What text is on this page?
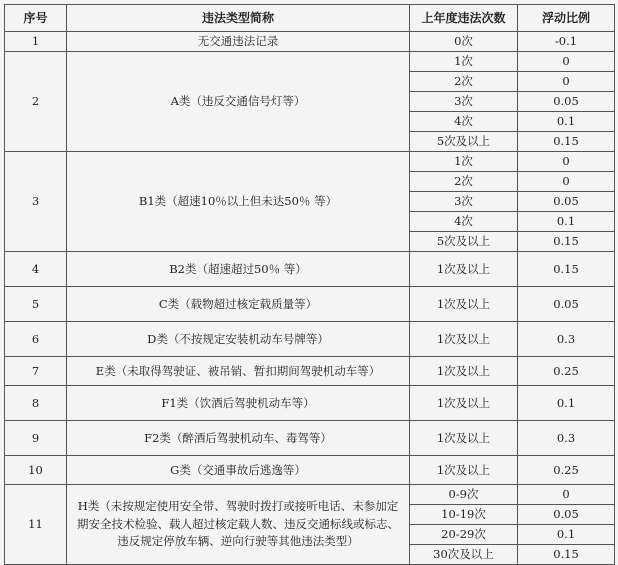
序号	违法类型简称	上年度违法次数	浮动比例
1	无交通违法记录	0次	-0.1
2	A类（违反交通信号灯等）	1次	0
		2次	0
		3次	0.05
		4次	0.1
		5次及以上	0.15
3	B1类（超速10％以上但未达50％ 等）	1次	0
		2次	0
		3次	0.05
		4次	0.1
		5次及以上	0.15
4	B2类（超速超过50％ 等）	1次及以上	0.15
5	C类（载物超过核定载质量等）	1次及以上	0.05
6	D类（不按规定安装机动车号牌等）	1次及以上	0.3
7	E类（未取得驾驶证、被吊销、暂扣期间驾驶机动车等）	1次及以上	0.25
8	F1类（饮酒后驾驶机动车等）	1次及以上	0.1
9	F2类（醉酒后驾驶机动车、毒驾等）	1次及以上	0.3
10	G类（交通事故后逃逸等）	1次及以上	0.25
11	H类（未按规定使用安全带、驾驶时拨打或接听电话、未参加定期安全技术检验、载人超过核定载人数、违反交通标线或标志、违反规定停放车辆、逆向行驶等其他违法类型）	0-9次	0
		10-19次	0.05
		20-29次	0.1
		30次及以上	0.15
